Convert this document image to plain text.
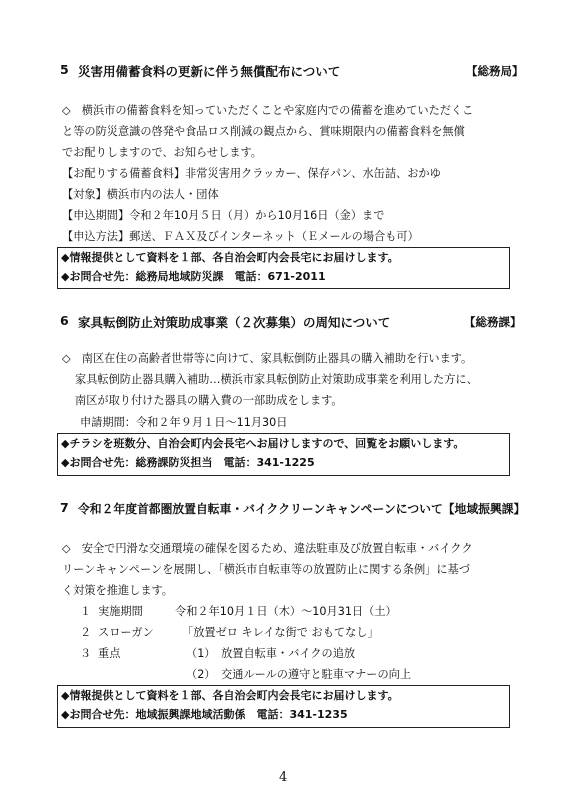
5 災害用備蓄食料の更新に伴う無償配布について	【総務局】
◇　横浜市の備蓄食料を知っていただくことや家庭内での備蓄を進めていただくこ
と等の防災意識の啓発や食品ロス削減の観点から、賞味期限内の備蓄食料を無償
でお配りしますので、お知らせします。
【お配りする備蓄食料】非常災害用クラッカー、保存パン、水缶詰、おかゆ
【対象】横浜市内の法人・団体
【申込期間】令和２年10月５日（月）から10月16日（金）まで
【申込方法】郵送、ＦＡＸ及びインターネット（Ｅメールの場合も可）
◆情報提供として資料を１部、各自治会町内会長宅にお届けします。
◆お問合せ先：総務局地域防災課　電話：671-2011
6 家具転倒防止対策助成事業（２次募集）の周知について	【総務課】
◇　南区在住の高齢者世帯等に向けて、家具転倒防止器具の購入補助を行います。
家具転倒防止器具購入補助…横浜市家具転倒防止対策助成事業を利用した方に、
南区が取り付けた器具の購入費の一部助成をします。
申請期間：令和２年９月１日〜11月30日
◆チラシを班数分、自治会町内会長宅へお届けしますので、回覧をお願いします。
◆お問合せ先：総務課防災担当　電話：341-1225
7 令和２年度首都圏放置自転車・バイククリーンキャンペーンについて【地域振興課】
◇　安全で円滑な交通環境の確保を図るため、違法駐車及び放置自転車・バイクク
リーンキャンペーンを展開し、「横浜市自転車等の放置防止に関する条例」に基づ
く対策を推進します。
１ 実施期間	令和２年10月１日（木）〜10月31日（土）
２ スローガン	「放置ゼロ キレイな街で おもてなし」
３ 重点	（1）　放置自転車・バイクの追放
（2）　交通ルールの遵守と駐車マナーの向上
◆情報提供として資料を１部、各自治会町内会長宅にお届けします。
◆お問合せ先：地域振興課地域活動係　電話：341-1235
4
